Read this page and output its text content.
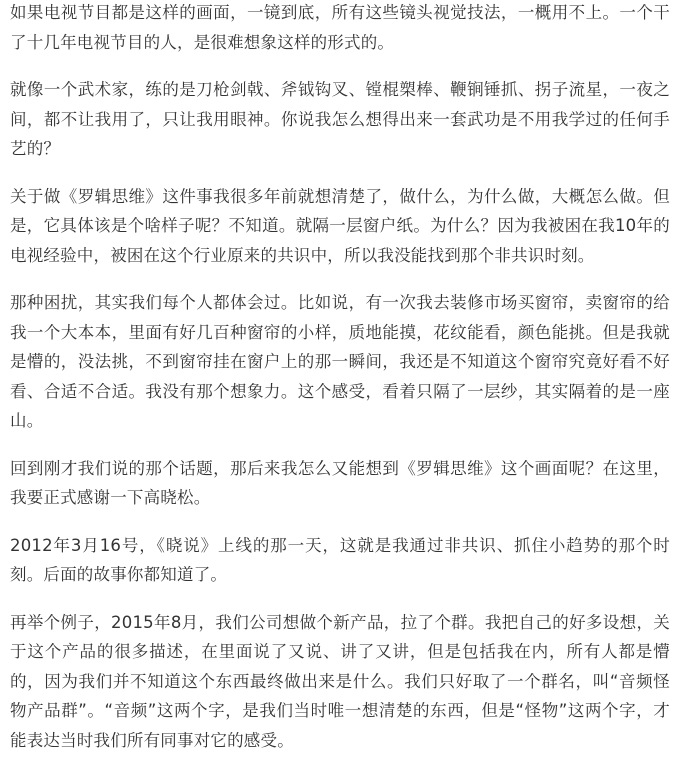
如果电视节目都是这样的画面，一镜到底，所有这些镜头视觉技法，一概用不上。一个干了十几年电视节目的人，是很难想象这样的形式的。

就像一个武术家，练的是刀枪剑戟、斧钺钩叉、镗棍槊棒、鞭锏锤抓、拐子流星，一夜之间，都不让我用了，只让我用眼神。你说我怎么想得出来一套武功是不用我学过的任何手艺的？

关于做《罗辑思维》这件事我很多年前就想清楚了，做什么，为什么做，大概怎么做。但是，它具体该是个啥样子呢？不知道。就隔一层窗户纸。为什么？因为我被困在我10年的电视经验中，被困在这个行业原来的共识中，所以我没能找到那个非共识时刻。

那种困扰，其实我们每个人都体会过。比如说，有一次我去装修市场买窗帘，卖窗帘的给我一个大本本，里面有好几百种窗帘的小样，质地能摸，花纹能看，颜色能挑。但是我就是懵的，没法挑，不到窗帘挂在窗户上的那一瞬间，我还是不知道这个窗帘究竟好看不好看、合适不合适。我没有那个想象力。这个感受，看着只隔了一层纱，其实隔着的是一座山。

回到刚才我们说的那个话题，那后来我怎么又能想到《罗辑思维》这个画面呢？在这里，我要正式感谢一下高晓松。

2012年3月16号，《晓说》上线的那一天，这就是我通过非共识、抓住小趋势的那个时刻。后面的故事你都知道了。

再举个例子，2015年8月，我们公司想做个新产品，拉了个群。我把自己的好多设想，关于这个产品的很多描述，在里面说了又说、讲了又讲，但是包括我在内，所有人都是懵的，因为我们并不知道这个东西最终做出来是什么。我们只好取了一个群名，叫“音频怪物产品群”。“音频”这两个字，是我们当时唯一想清楚的东西，但是“怪物”这两个字，才能表达当时我们所有同事对它的感受。
